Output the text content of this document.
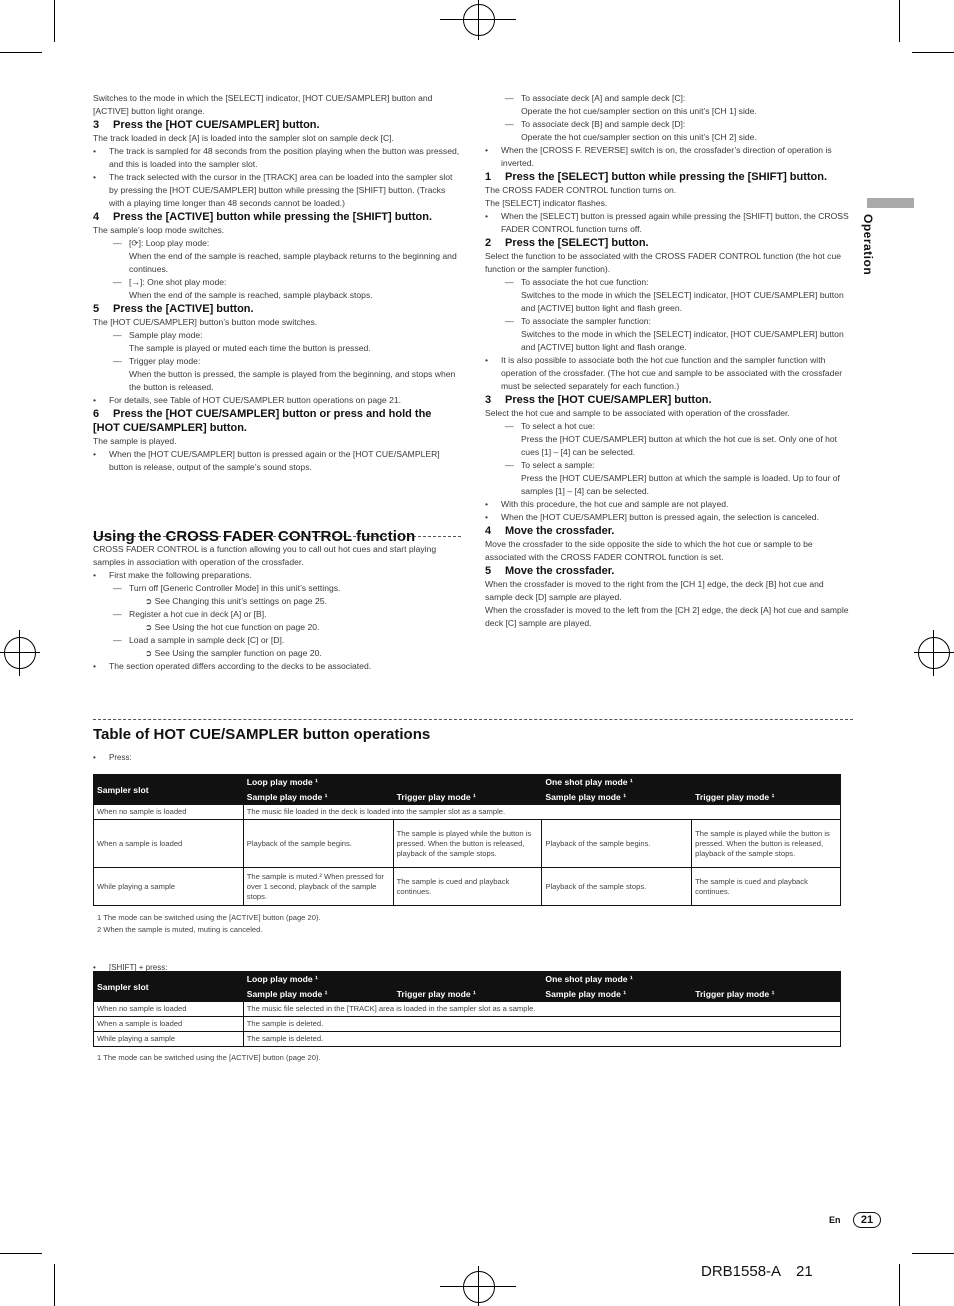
Operation

Switches to the mode in which the [SELECT] indicator, [HOT CUE/SAMPLER] button and [ACTIVE] button light orange.

3 Press the [HOT CUE/SAMPLER] button.

The track loaded in deck [A] is loaded into the sampler slot on sample deck [C].

• The track is sampled for 48 seconds from the position playing when the button was pressed, and this is loaded into the sampler slot.

• The track selected with the cursor in the [TRACK] area can be loaded into the sampler slot by pressing the [HOT CUE/SAMPLER] button while pressing the [SHIFT] button. (Tracks with a playing time longer than 48 seconds cannot be loaded.)

4 Press the [ACTIVE] button while pressing the [SHIFT] button.

The sample’s loop mode switches.

— [⟳]: Loop play mode:

When the end of the sample is reached, sample playback returns to the beginning and continues.

— [→]: One shot play mode:

When the end of the sample is reached, sample playback stops.

5 Press the [ACTIVE] button.

The [HOT CUE/SAMPLER] button’s button mode switches.

— Sample play mode:

The sample is played or muted each time the button is pressed.

— Trigger play mode:

When the button is pressed, the sample is played from the beginning, and stops when the button is released.

• For details, see Table of HOT CUE/SAMPLER button operations on page 21.

6 Press the [HOT CUE/SAMPLER] button or press and hold the [HOT CUE/SAMPLER] button.

The sample is played.

• When the [HOT CUE/SAMPLER] button is pressed again or the [HOT CUE/SAMPLER] button is release, output of the sample’s sound stops.

Using the CROSS FADER CONTROL function

CROSS FADER CONTROL is a function allowing you to call out hot cues and start playing samples in association with operation of the crossfader.

• First make the following preparations.

— Turn off [Generic Controller Mode] in this unit’s settings.

➲ See Changing this unit’s settings on page 25.

— Register a hot cue in deck [A] or [B].

➲ See Using the hot cue function on page 20.

— Load a sample in sample deck [C] or [D].

➲ See Using the sampler function on page 20.

• The section operated differs according to the decks to be associated.

— To associate deck [A] and sample deck [C]:

Operate the hot cue/sampler section on this unit’s [CH 1] side.

— To associate deck [B] and sample deck [D]:

Operate the hot cue/sampler section on this unit’s [CH 2] side.

• When the [CROSS F. REVERSE] switch is on, the crossfader’s direction of operation is inverted.

1 Press the [SELECT] button while pressing the [SHIFT] button.

The CROSS FADER CONTROL function turns on.

The [SELECT] indicator flashes.

• When the [SELECT] button is pressed again while pressing the [SHIFT] button, the CROSS FADER CONTROL function turns off.

2 Press the [SELECT] button.

Select the function to be associated with the CROSS FADER CONTROL function (the hot cue function or the sampler function).

— To associate the hot cue function:

Switches to the mode in which the [SELECT] indicator, [HOT CUE/SAMPLER] button and [ACTIVE] button light and flash green.

— To associate the sampler function:

Switches to the mode in which the [SELECT] indicator, [HOT CUE/SAMPLER] button and [ACTIVE] button light and flash orange.

• It is also possible to associate both the hot cue function and the sampler function with operation of the crossfader. (The hot cue and sample to be associated with the crossfader must be selected separately for each function.)

3 Press the [HOT CUE/SAMPLER] button.

Select the hot cue and sample to be associated with operation of the crossfader.

— To select a hot cue:

Press the [HOT CUE/SAMPLER] button at which the hot cue is set. Only one of hot cues [1] – [4] can be selected.

— To select a sample:

Press the [HOT CUE/SAMPLER] button at which the sample is loaded. Up to four of samples [1] – [4] can be selected.

• With this procedure, the hot cue and sample are not played.

• When the [HOT CUE/SAMPLER] button is pressed again, the selection is canceled.

4 Move the crossfader.

Move the crossfader to the side opposite the side to which the hot cue or sample to be associated with the CROSS FADER CONTROL function is set.

5 Move the crossfader.

When the crossfader is moved to the right from the [CH 1] edge, the deck [B] hot cue and sample deck [D] sample are played.

When the crossfader is moved to the left from the [CH 2] edge, the deck [A] hot cue and sample deck [C] sample are played.

Table of HOT CUE/SAMPLER button operations
• Press:
Sampler slot	Loop play mode ¹		One shot play mode ¹	
	Sample play mode ¹	Trigger play mode ¹	Sample play mode ¹	Trigger play mode ¹
When no sample is loaded	The music file loaded in the deck is loaded into the sampler slot as a sample.			
When a sample is loaded	Playback of the sample begins.	The sample is played while the button is pressed. When the button is released, playback of the sample stops.	Playback of the sample begins.	The sample is played while the button is pressed. When the button is released, playback of the sample stops.
While playing a sample	The sample is muted.² When pressed for over 1 second, playback of the sample stops.	The sample is cued and playback continues.	Playback of the sample stops.	The sample is cued and playback continues.
1 The mode can be switched using the [ACTIVE] button (page 20).
2 When the sample is muted, muting is canceled.
• [SHIFT] + press:
Sampler slot	Loop play mode ¹		One shot play mode ¹	
	Sample play mode ¹	Trigger play mode ¹	Sample play mode ¹	Trigger play mode ¹
When no sample is loaded	The music file selected in the [TRACK] area is loaded in the sampler slot as a sample.			
When a sample is loaded	The sample is deleted.			
While playing a sample	The sample is deleted.			
1 The mode can be switched using the [ACTIVE] button (page 20).
En	21
DRB1558-A 21
